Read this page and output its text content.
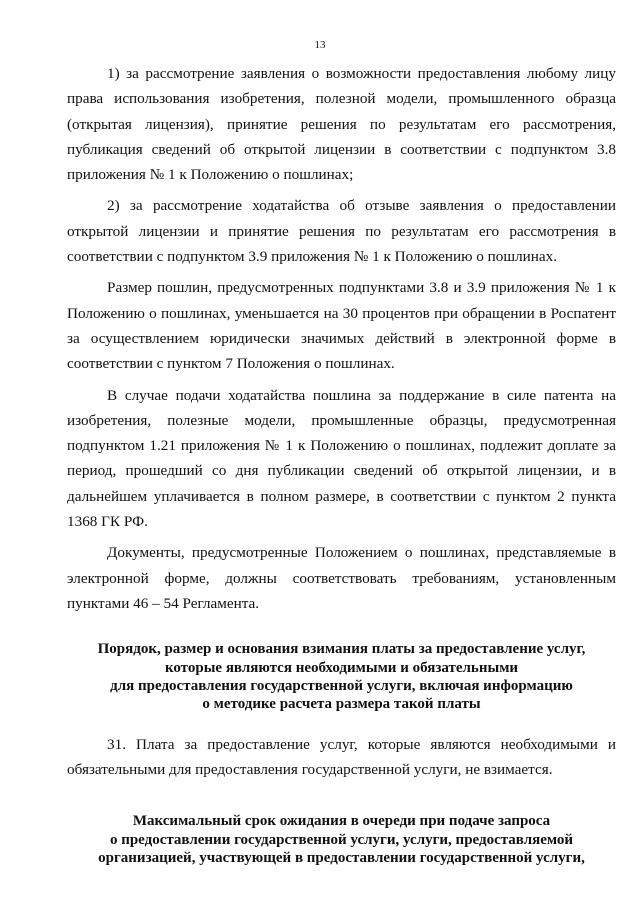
13

1) за рассмотрение заявления о возможности предоставления любому лицу права использования изобретения, полезной модели, промышленного образца (открытая лицензия), принятие решения по результатам его рассмотрения, публикация сведений об открытой лицензии в соответствии с подпунктом 3.8 приложения № 1 к Положению о пошлинах;

2) за рассмотрение ходатайства об отзыве заявления о предоставлении открытой лицензии и принятие решения по результатам его рассмотрения в соответствии с подпунктом 3.9 приложения № 1 к Положению о пошлинах.

Размер пошлин, предусмотренных подпунктами 3.8 и 3.9 приложения № 1 к Положению о пошлинах, уменьшается на 30 процентов при обращении в Роспатент за осуществлением юридически значимых действий в электронной форме в соответствии с пунктом 7 Положения о пошлинах.

В случае подачи ходатайства пошлина за поддержание в силе патента на изобретения, полезные модели, промышленные образцы, предусмотренная подпунктом 1.21 приложения № 1 к Положению о пошлинах, подлежит доплате за период, прошедший со дня публикации сведений об открытой лицензии, и в дальнейшем уплачивается в полном размере, в соответствии с пунктом 2 пункта 1368 ГК РФ.

Документы, предусмотренные Положением о пошлинах, представляемые в электронной форме, должны соответствовать требованиям, установленным пунктами 46 – 54 Регламента.

Порядок, размер и основания взимания платы за предоставление услуг,
которые являются необходимыми и обязательными
для предоставления государственной услуги, включая информацию
о методике расчета размера такой платы

31. Плата за предоставление услуг, которые являются необходимыми и обязательными для предоставления государственной услуги, не взимается.

Максимальный срок ожидания в очереди при подаче запроса
о предоставлении государственной услуги, услуги, предоставляемой
организацией, участвующей в предоставлении государственной услуги,
